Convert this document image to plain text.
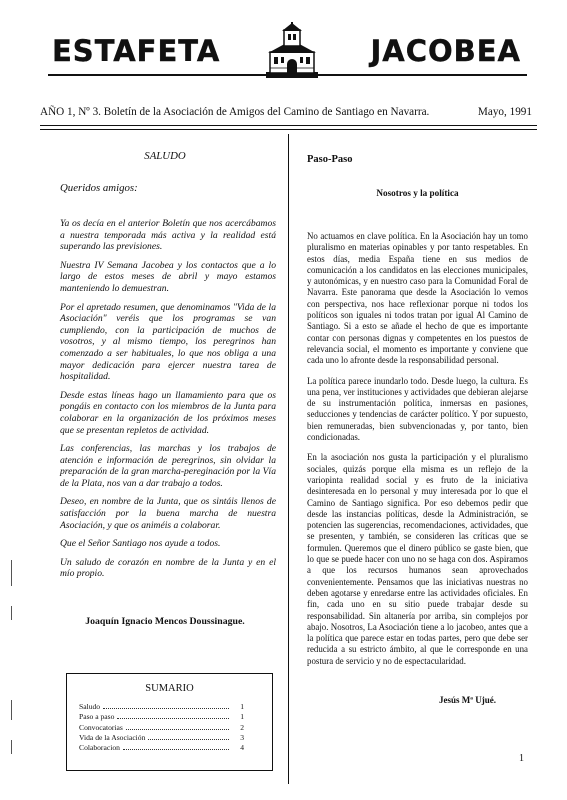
ESTAFETA	JACOBEA
AÑO 1, Nº 3. Boletín de la Asociación de Amigos del Camino de Santiago en Navarra.	Mayo, 1991
SALUDO
Queridos amigos:

Ya os decía en el anterior Boletín que nos acercábamos a nuestra temporada más activa y la realidad está superando las previsiones.

Nuestra IV Semana Jacobea y los contactos que a lo largo de estos meses de abril y mayo estamos manteniendo lo demuestran.

Por el apretado resumen, que denominamos "Vida de la Asociación" veréis que los programas se van cumpliendo, con la participación de muchos de vosotros, y al mismo tiempo, los peregrinos han comenzado a ser habituales, lo que nos obliga a una mayor dedicación para ejercer nuestra tarea de hospitalidad.

Desde estas líneas hago un llamamiento para que os pongáis en contacto con los miembros de la Junta para colaborar en la organización de los próximos meses que se presentan repletos de actividad.

Las conferencias, las marchas y los trabajos de atención e información de peregrinos, sin olvidar la preparación de la gran marcha-pereginación por la Vía de la Plata, nos van a dar trabajo a todos.

Deseo, en nombre de la Junta, que os sintáis llenos de satisfacción por la buena marcha de nuestra Asociación, y que os animéis a colaborar.

Que el Señor Santiago nos ayude a todos.

Un saludo de corazón en nombre de la Junta y en el mío propio.

Joaquín Ignacio Mencos Doussinague.
Paso-Paso
Nosotros y la política

No actuamos en clave política. En la Asociación hay un tomo pluralismo en materias opinables y por tanto respetables. En estos días, media España tiene en sus medios de comunicación a los candidatos en las elecciones municipales, y autonómicas, y en nuestro caso para la Comunidad Foral de Navarra. Este panorama que desde la Asociación lo vemos con perspectiva, nos hace reflexionar porque ni todos los políticos son iguales ni todos tratan por igual Al Camino de Santiago. Si a esto se añade el hecho de que es importante contar con personas dignas y competentes en los puestos de relevancia social, el momento es importante y conviene que cada uno lo afronte desde la responsabilidad personal.

La política parece inundarlo todo. Desde luego, la cultura. Es una pena, ver instituciones y actividades que debieran alejarse de su instrumentación política, inmersas en pasiones, seducciones y tendencias de carácter político. Y por supuesto, bien remuneradas, bien subvencionadas y, por tanto, bien condicionadas.

En la asociación nos gusta la participación y el pluralismo sociales, quizás porque ella misma es un reflejo de la variopinta realidad social y es fruto de la iniciativa desinteresada en lo personal y muy interesada por lo que el Camino de Santiago significa. Por eso debemos pedir que desde las instancias políticas, desde la Administración, se potencien las sugerencias, recomendaciones, actividades, que se presenten, y también, se consideren las críticas que se formulen. Queremos que el dinero público se gaste bien, que lo que se puede hacer con uno no se haga con dos. Aspiramos a que los recursos humanos sean aprovechados convenientemente. Pensamos que las iniciativas nuestras no deben agotarse y enredarse entre las actividades oficiales. En fin, cada uno en su sitio puede trabajar desde su responsabilidad. Sin altanería por arriba, sin complejos por abajo. Nosotros, La Asociación tiene a lo jacobeo, antes que a la política que parece estar en todas partes, pero que debe ser reducida a su estricto ámbito, al que le corresponde en una postura de servicio y no de espectacularidad.

Jesús Mª Ujué.
SUMARIO
Saludo	1
Paso a paso	1
Convocatorias	2
Vida de la Asociación	3
Colaboracion	4
1
